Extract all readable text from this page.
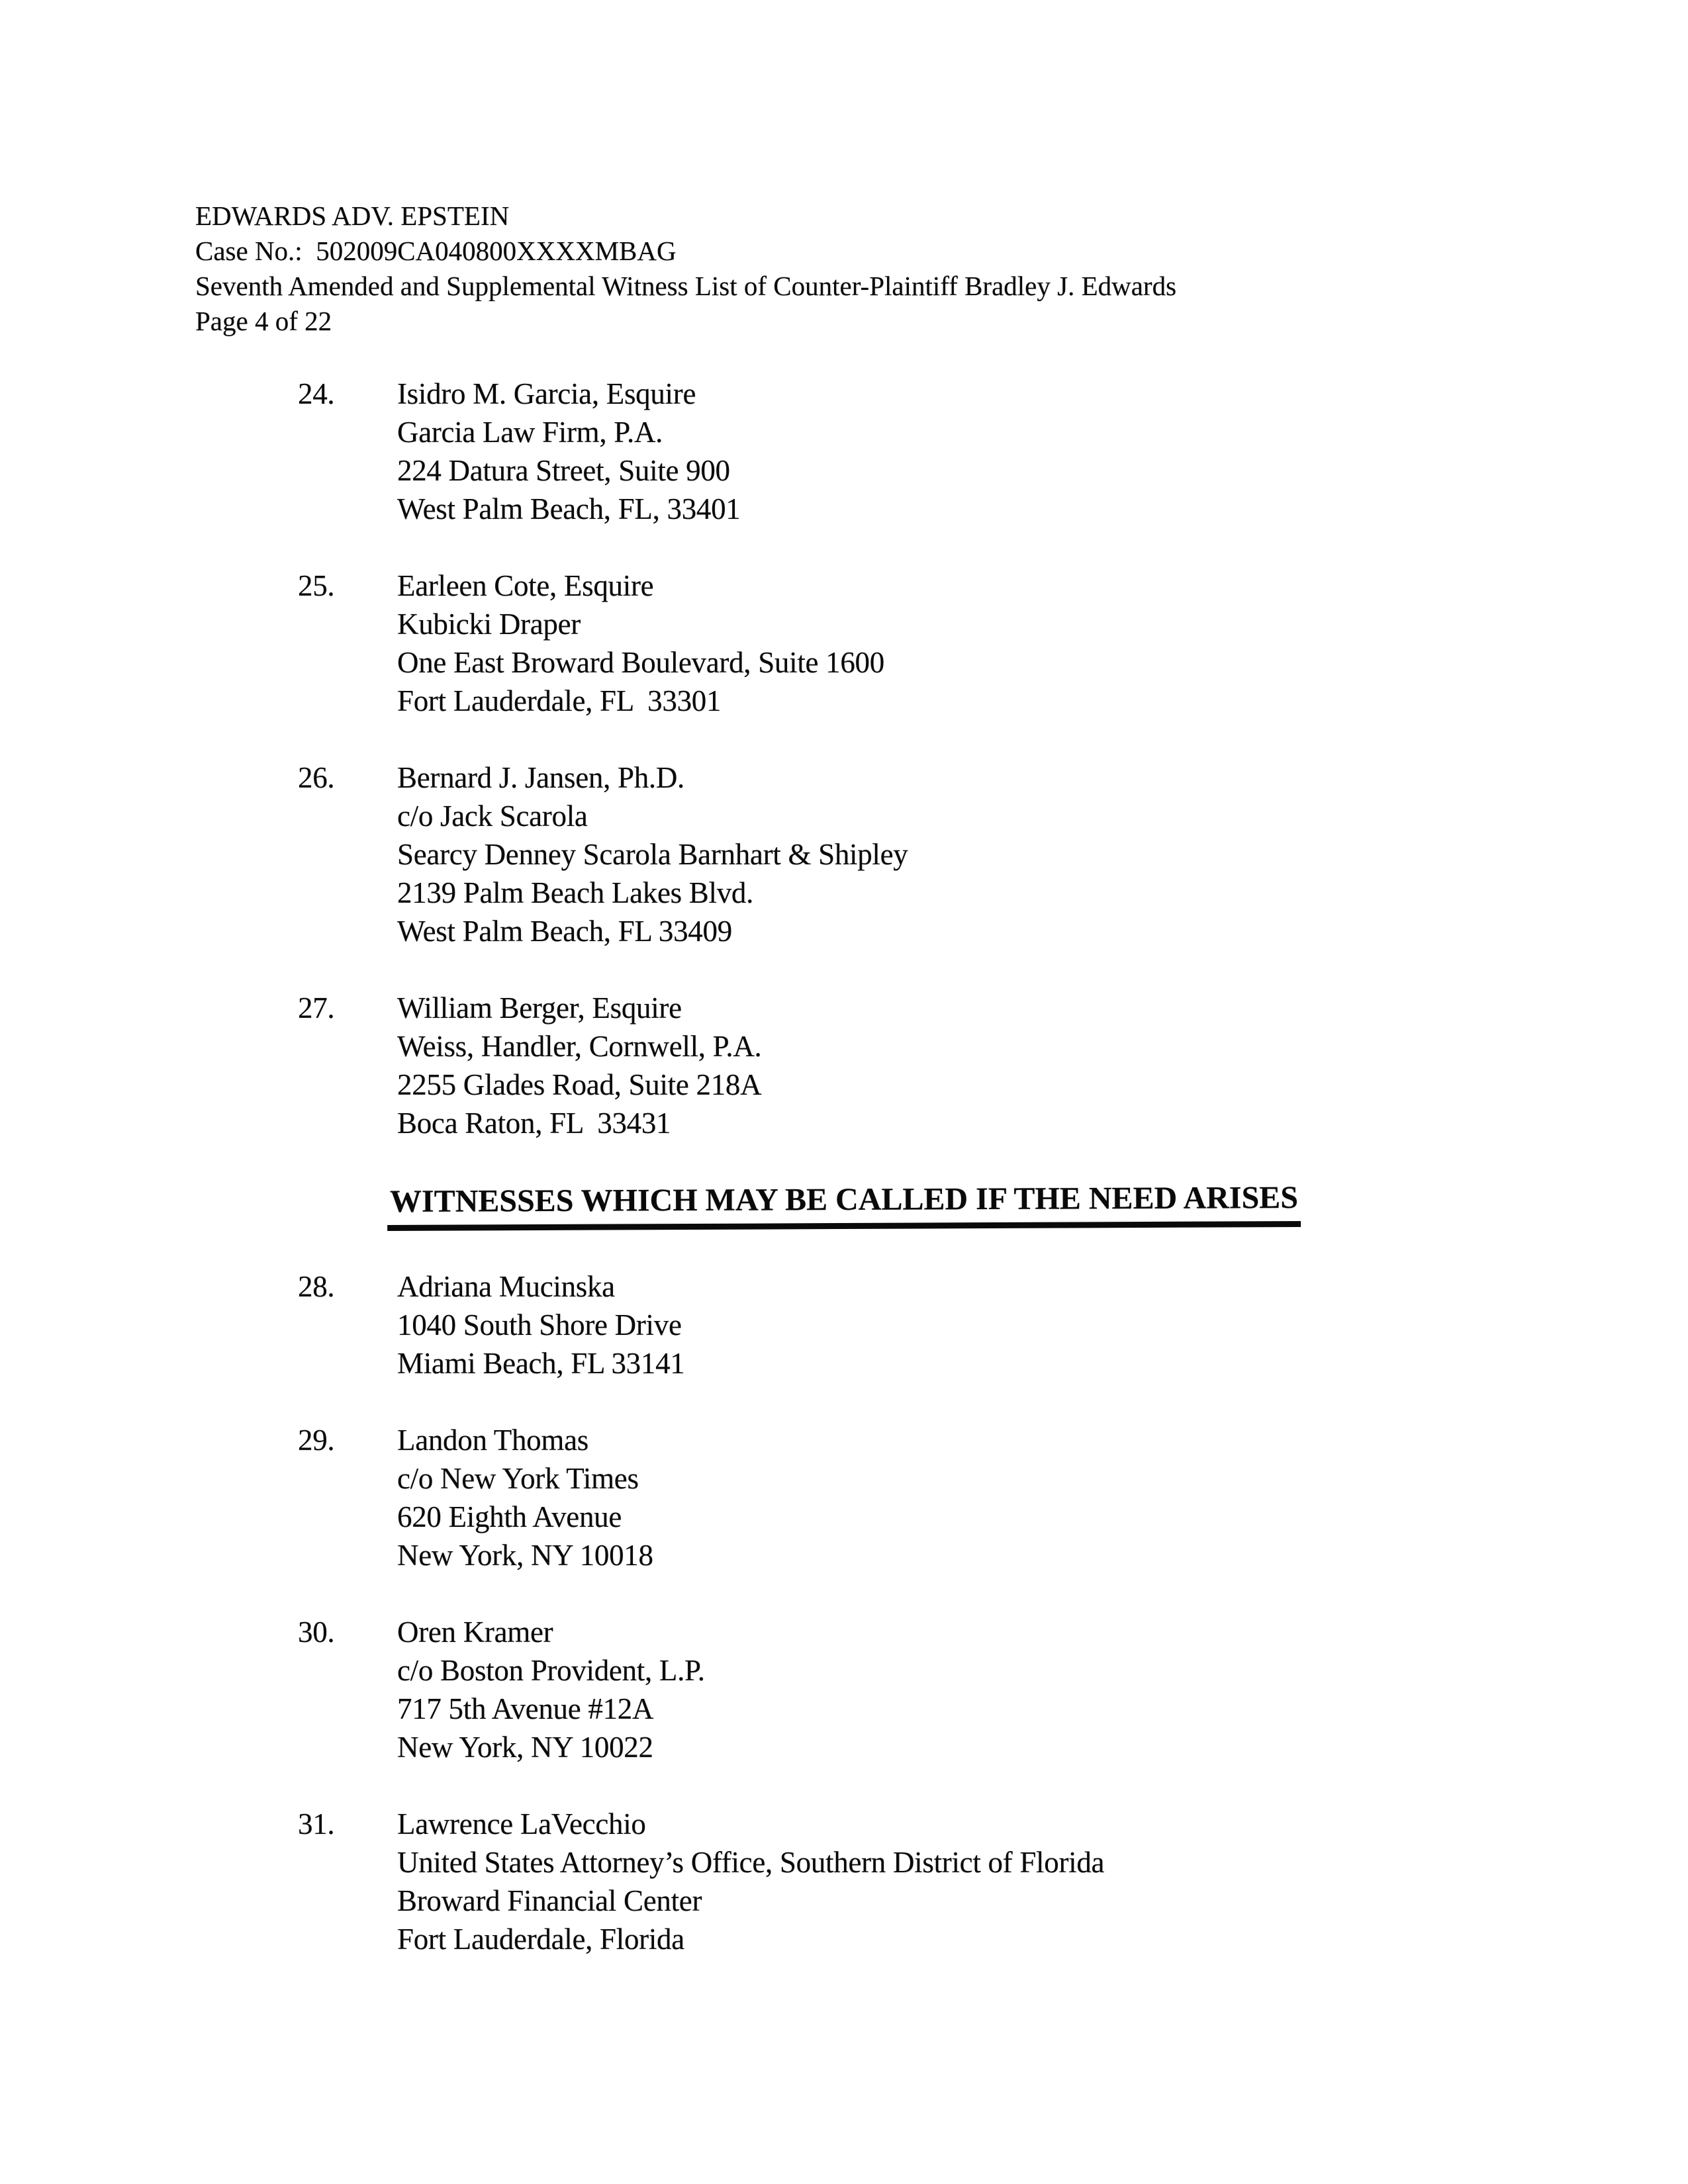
EDWARDS ADV. EPSTEIN
Case No.:  502009CA040800XXXXMBAG
Seventh Amended and Supplemental Witness List of Counter-Plaintiff Bradley J. Edwards
Page 4 of 22
24.	Isidro M. Garcia, Esquire
Garcia Law Firm, P.A.
224 Datura Street, Suite 900
West Palm Beach, FL, 33401
25.	Earleen Cote, Esquire
Kubicki Draper
One East Broward Boulevard, Suite 1600
Fort Lauderdale, FL  33301
26.	Bernard J. Jansen, Ph.D.
c/o Jack Scarola
Searcy Denney Scarola Barnhart & Shipley
2139 Palm Beach Lakes Blvd.
West Palm Beach, FL 33409
27.	William Berger, Esquire
Weiss, Handler, Cornwell, P.A.
2255 Glades Road, Suite 218A
Boca Raton, FL  33431
WITNESSES WHICH MAY BE CALLED IF THE NEED ARISES
28.	Adriana Mucinska
1040 South Shore Drive
Miami Beach, FL 33141
29.	Landon Thomas
c/o New York Times
620 Eighth Avenue
New York, NY 10018
30.	Oren Kramer
c/o Boston Provident, L.P.
717 5th Avenue #12A
New York, NY 10022
31.	Lawrence LaVecchio
United States Attorney’s Office, Southern District of Florida
Broward Financial Center
Fort Lauderdale, Florida
